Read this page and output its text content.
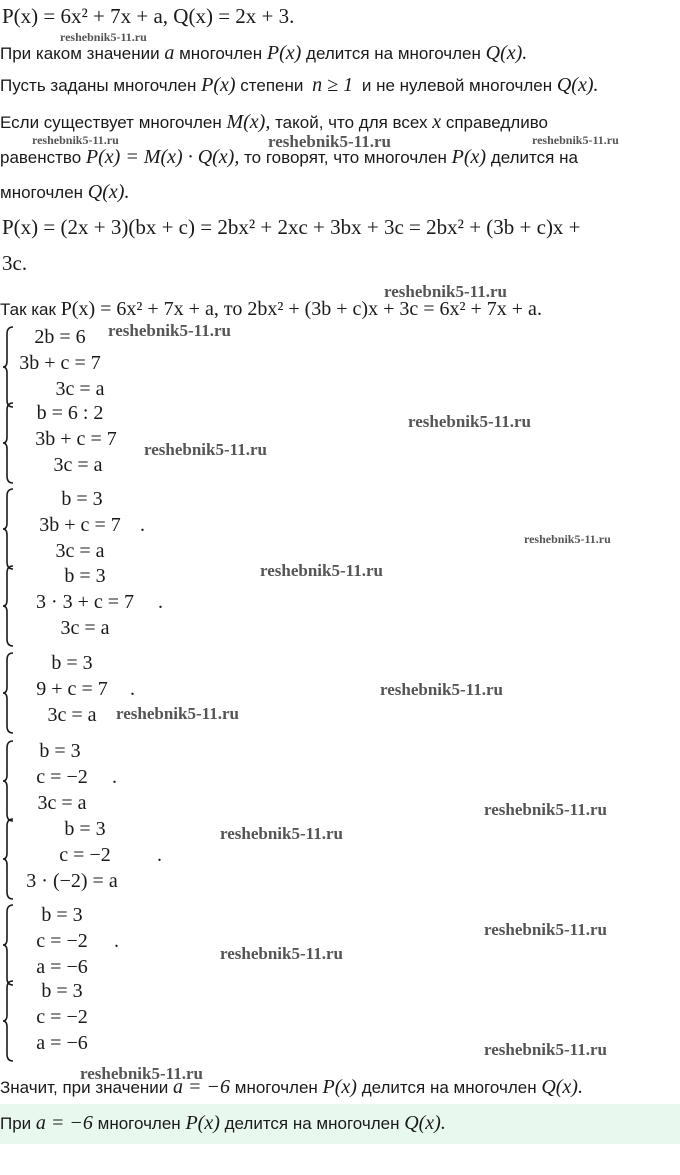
P(x) = 6x² + 7x + a, Q(x) = 2x + 3.
При каком значении a многочлен P(x) делится на многочлен Q(x).
Пусть заданы многочлен P(x) степени n ≥ 1 и не нулевой многочлен Q(x).
Если существует многочлен M(x), такой, что для всех x справедливо
равенство P(x) = M(x) · Q(x), то говорят, что многочлен P(x) делится на
многочлен Q(x).
P(x) = (2x + 3)(bx + c) = 2bx² + 2xc + 3bx + 3c = 2bx² + (3b + c)x +
3c.
Так как P(x) = 6x² + 7x + a, то 2bx² + (3b + c)x + 3c = 6x² + 7x + a.
2b = 6
3b + c = 7
3c = a
b = 6 : 2
3b + c = 7
3c = a
b = 3
3b + c = 7
3c = a
.
b = 3
3 · 3 + c = 7
3c = a
.
b = 3
9 + c = 7
3c = a
.
b = 3
c = −2
3c = a
.
b = 3
c = −2
3 · (−2) = a
.
b = 3
c = −2
a = −6
.
b = 3
c = −2
a = −6
Значит, при значении a = −6 многочлен P(x) делится на многочлен Q(x).
При a = −6 многочлен P(x) делится на многочлен Q(x).
reshebnik5-11.ru
reshebnik5-11.ru	reshebnik5-11.ru	reshebnik5-11.ru
reshebnik5-11.ru
reshebnik5-11.ru
reshebnik5-11.ru
reshebnik5-11.ru
reshebnik5-11.ru
reshebnik5-11.ru
reshebnik5-11.ru
reshebnik5-11.ru
reshebnik5-11.ru
reshebnik5-11.ru
reshebnik5-11.ru
reshebnik5-11.ru
reshebnik5-11.ru
reshebnik5-11.ru
